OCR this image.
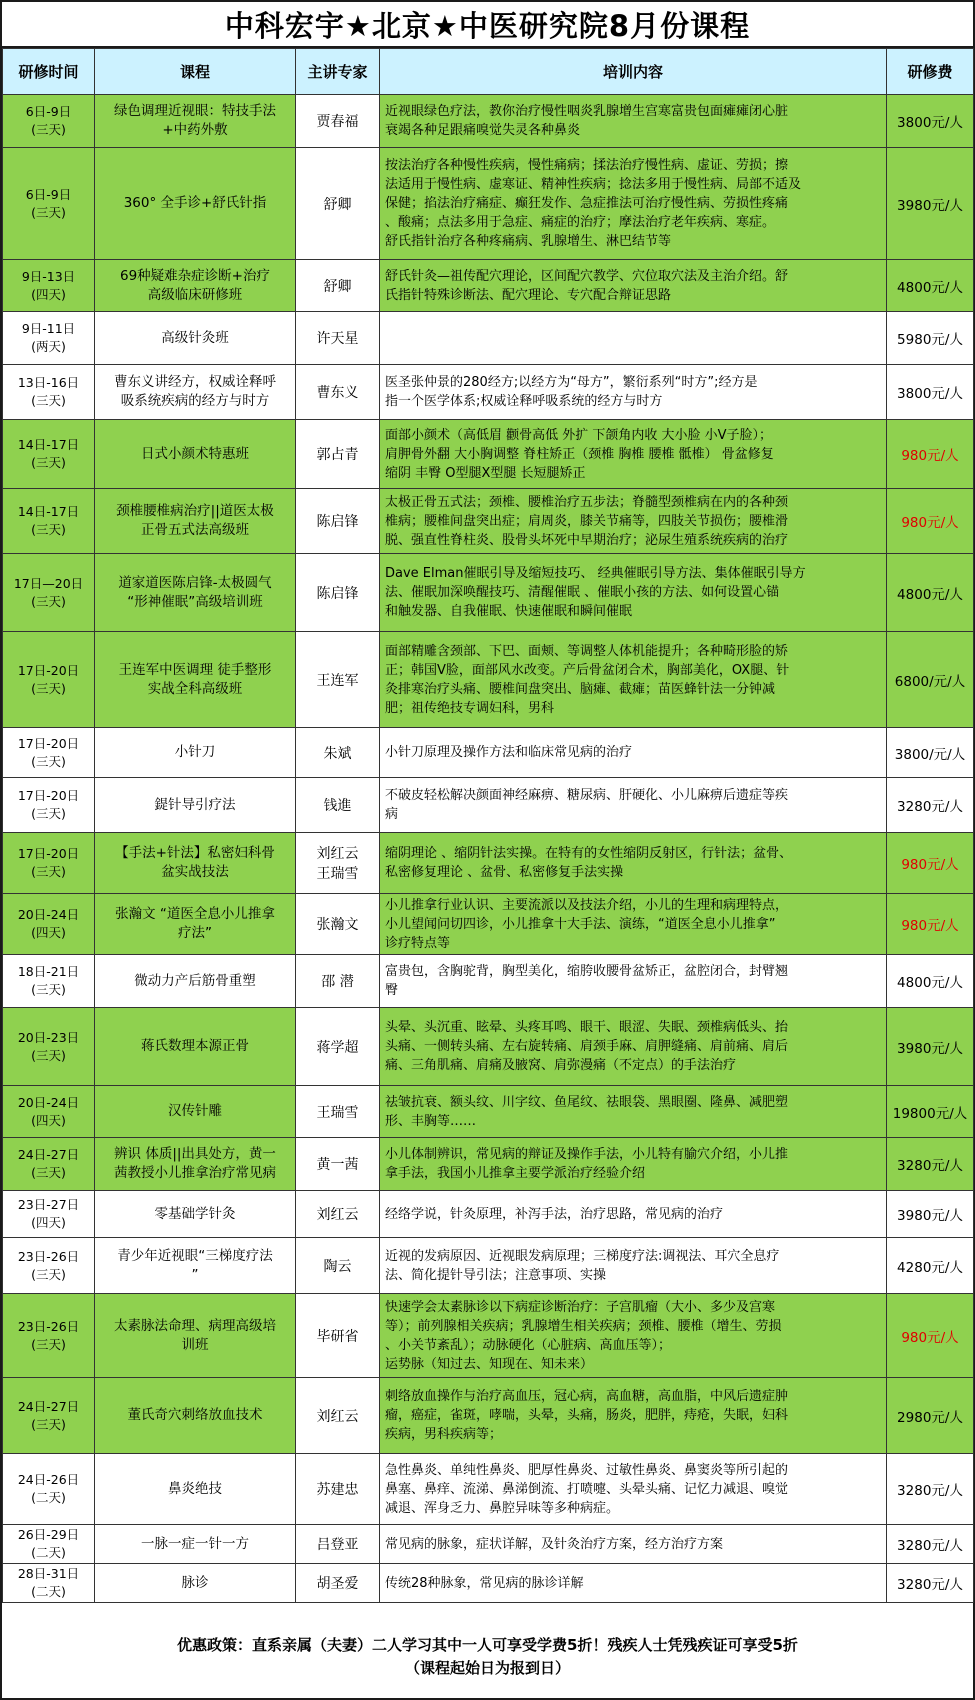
中科宏宇★北京★中医研究院8月份课程
研修时间	课程	主讲专家	培训内容	研修费

6日-9日
(三天)	绿色调理近视眼：特技手法
+中药外敷	贾春福	近视眼绿色疗法，教你治疗慢性咽炎乳腺增生宫寒富贵包面瘫瘫闭心脏
衰竭各种足跟痛嗅觉失灵各种鼻炎	3800元/人

6日-9日
(三天)	360° 全手诊+舒氏针指	舒卿	按法治疗各种慢性疾病，慢性痛病；揉法治疗慢性病、虚证、劳损；擦
法适用于慢性病、虚寒证、精神性疾病；捻法多用于慢性病、局部不适及
保健；掐法治疗痛症、癫狂发作、急症推法可治疗慢性病、劳损性疼痛
、酸痛；点法多用于急症、痛症的治疗；摩法治疗老年疾病、寒症。
舒氏指针治疗各种疼痛病、乳腺增生、淋巴结节等	3980元/人

9日-13日
(四天)	69种疑难杂症诊断+治疗
高级临床研修班	舒卿	舒氏针灸—祖传配穴理论，区间配穴教学、穴位取穴法及主治介绍。舒
氏指针特殊诊断法、配穴理论、专穴配合辩证思路	4800元/人

9日-11日
(两天)	高级针灸班	许天星		5980元/人

13日-16日
(三天)	曹东义讲经方，权威诠释呼
吸系统疾病的经方与时方	曹东义	医圣张仲景的280经方;以经方为“母方”，繁衍系列“时方”;经方是
指一个医学体系;权威诠释呼吸系统的经方与时方	3800元/人

14日-17日
(三天)	日式小颜术特惠班	郭占青	面部小颜术（高低眉 颧骨高低 外扩 下颌角内收 大小脸 小V子脸）；
肩胛骨外翻 大小胸调整 脊柱矫正（颈椎 胸椎 腰椎 骶椎） 骨盆修复
缩阴 丰臀 O型腿X型腿 长短腿矫正	980元/人

14日-17日
(三天)	颈椎腰椎病治疗||道医太极
正骨五式法高级班	陈启锋	太极正骨五式法；颈椎、腰椎治疗五步法；脊髓型颈椎病在内的各种颈
椎病；腰椎间盘突出症；肩周炎，膝关节痛等，四肢关节损伤；腰椎滑
脱、强直性脊柱炎、股骨头坏死中早期治疗；泌尿生殖系统疾病的治疗	980元/人

17日—20日
(三天)	道家道医陈启锋-太极圆气
“形神催眠”高级培训班	陈启锋	Dave Elman催眠引导及缩短技巧、 经典催眠引导方法、集体催眠引导方
法、催眠加深唤醒技巧、清醒催眠 、催眠小孩的方法、如何设置心锚
和触发器、自我催眠、快速催眠和瞬间催眠	4800元/人

17日-20日
(三天)	王连军中医调理 徒手整形
实战全科高级班	王连军	面部精雕含颈部、下巴、面颊、等调整人体机能提升；各种畸形脸的矫
正；韩国V脸，面部风水改变。产后骨盆闭合术，胸部美化，OX腿、针
灸排寒治疗头痛、腰椎间盘突出、脑瘫、截瘫；苗医蜂针法一分钟减
肥；祖传绝技专调妇科，男科	6800/元/人

17日-20日
(三天)	小针刀	朱斌	小针刀原理及操作方法和临床常见病的治疗	3800/元/人

17日-20日
(三天)	鍉针导引疗法	钱進	不破皮轻松解决颜面神经麻痹、糖尿病、肝硬化、小儿麻痹后遗症等疾
病	3280元/人

17日-20日
(三天)	【手法+针法】私密妇科骨
盆实战技法	刘红云
王瑞雪	缩阴理论 、缩阴针法实操。在特有的女性缩阴反射区，行针法；盆骨、
私密修复理论 、盆骨、私密修复手法实操	980元/人

20日-24日
(四天)	张瀚文 “道医全息小儿推拿
疗法”	张瀚文	小儿推拿行业认识、主要流派以及技法介绍，小儿的生理和病理特点，
小儿望闻问切四诊，小儿推拿十大手法、演练，“道医全息小儿推拿”
诊疗特点等	980元/人

18日-21日
(三天)	微动力产后筋骨重塑	邵 潜	富贵包，含胸驼背，胸型美化，缩胯收腰骨盆矫正，盆腔闭合，封臂翘
臀	4800元/人

20日-23日
(三天)	蒋氏数理本源正骨	蒋学超	头晕、头沉重、眩晕、头疼耳鸣、眼干、眼涩、失眠、颈椎病低头、抬
头痛、一侧转头痛、左右旋转痛、肩颈手麻、肩胛缝痛、肩前痛、肩后
痛、三角肌痛、肩痛及腋窝、肩弥漫痛（不定点）的手法治疗	3980元/人

20日-24日
(四天)	汉传针雕	王瑞雪	祛皱抗衰、额头纹、川字纹、鱼尾纹、祛眼袋、黑眼圈、隆鼻、减肥塑
形、丰胸等……	19800元/人

24日-27日
(三天)	辨识 体质||出具处方，黄一
茜教授小儿推拿治疗常见病	黄一茜	小儿体制辨识，常见病的辩证及操作手法，小儿特有腧穴介绍，小儿推
拿手法，我国小儿推拿主要学派治疗经验介绍	3280元/人

23日-27日
(四天)	零基础学针灸	刘红云	经络学说，针灸原理，补泻手法，治疗思路，常见病的治疗	3980元/人

23日-26日
(三天)	青少年近视眼“三梯度疗法
”	陶云	近视的发病原因、近视眼发病原理；三梯度疗法:调视法、耳穴全息疗
法、简化提针导引法；注意事项、实操	4280元/人

23日-26日
(三天)	太素脉法命理、病理高级培
训班	毕研省	快速学会太素脉诊以下病症诊断治疗：子宫肌瘤（大小、多少及宫寒
等）；前列腺相关疾病；乳腺增生相关疾病；颈椎、腰椎（增生、劳损
、小关节紊乱）；动脉硬化（心脏病、高血压等）；
运势脉（知过去、知现在、知未来）	980元/人

24日-27日
(三天)	董氏奇穴刺络放血技术	刘红云	刺络放血操作与治疗高血压，冠心病，高血糖，高血脂，中风后遗症肿
瘤，癌症，雀斑，哮喘，头晕，头痛，肠炎，肥胖，痔疮，失眠，妇科
疾病，男科疾病等；	2980元/人

24日-26日
(二天)	鼻炎绝技	苏建忠	急性鼻炎、单纯性鼻炎、肥厚性鼻炎、过敏性鼻炎、鼻窦炎等所引起的
鼻塞、鼻痒、流涕、鼻涕倒流、打喷嚏、头晕头痛、记忆力减退、嗅觉
减退、浑身乏力、鼻腔异味等多种病症。	3280元/人

26日-29日
(二天)	一脉一症一针一方	吕登亚	常见病的脉象，症状详解，及针灸治疗方案，经方治疗方案	3280元/人

28日-31日
(二天)	脉诊	胡圣爱	传统28种脉象，常见病的脉诊详解	3280元/人
优惠政策：直系亲属（夫妻）二人学习其中一人可享受学费5折！残疾人士凭残疾证可享受5折
（课程起始日为报到日）
